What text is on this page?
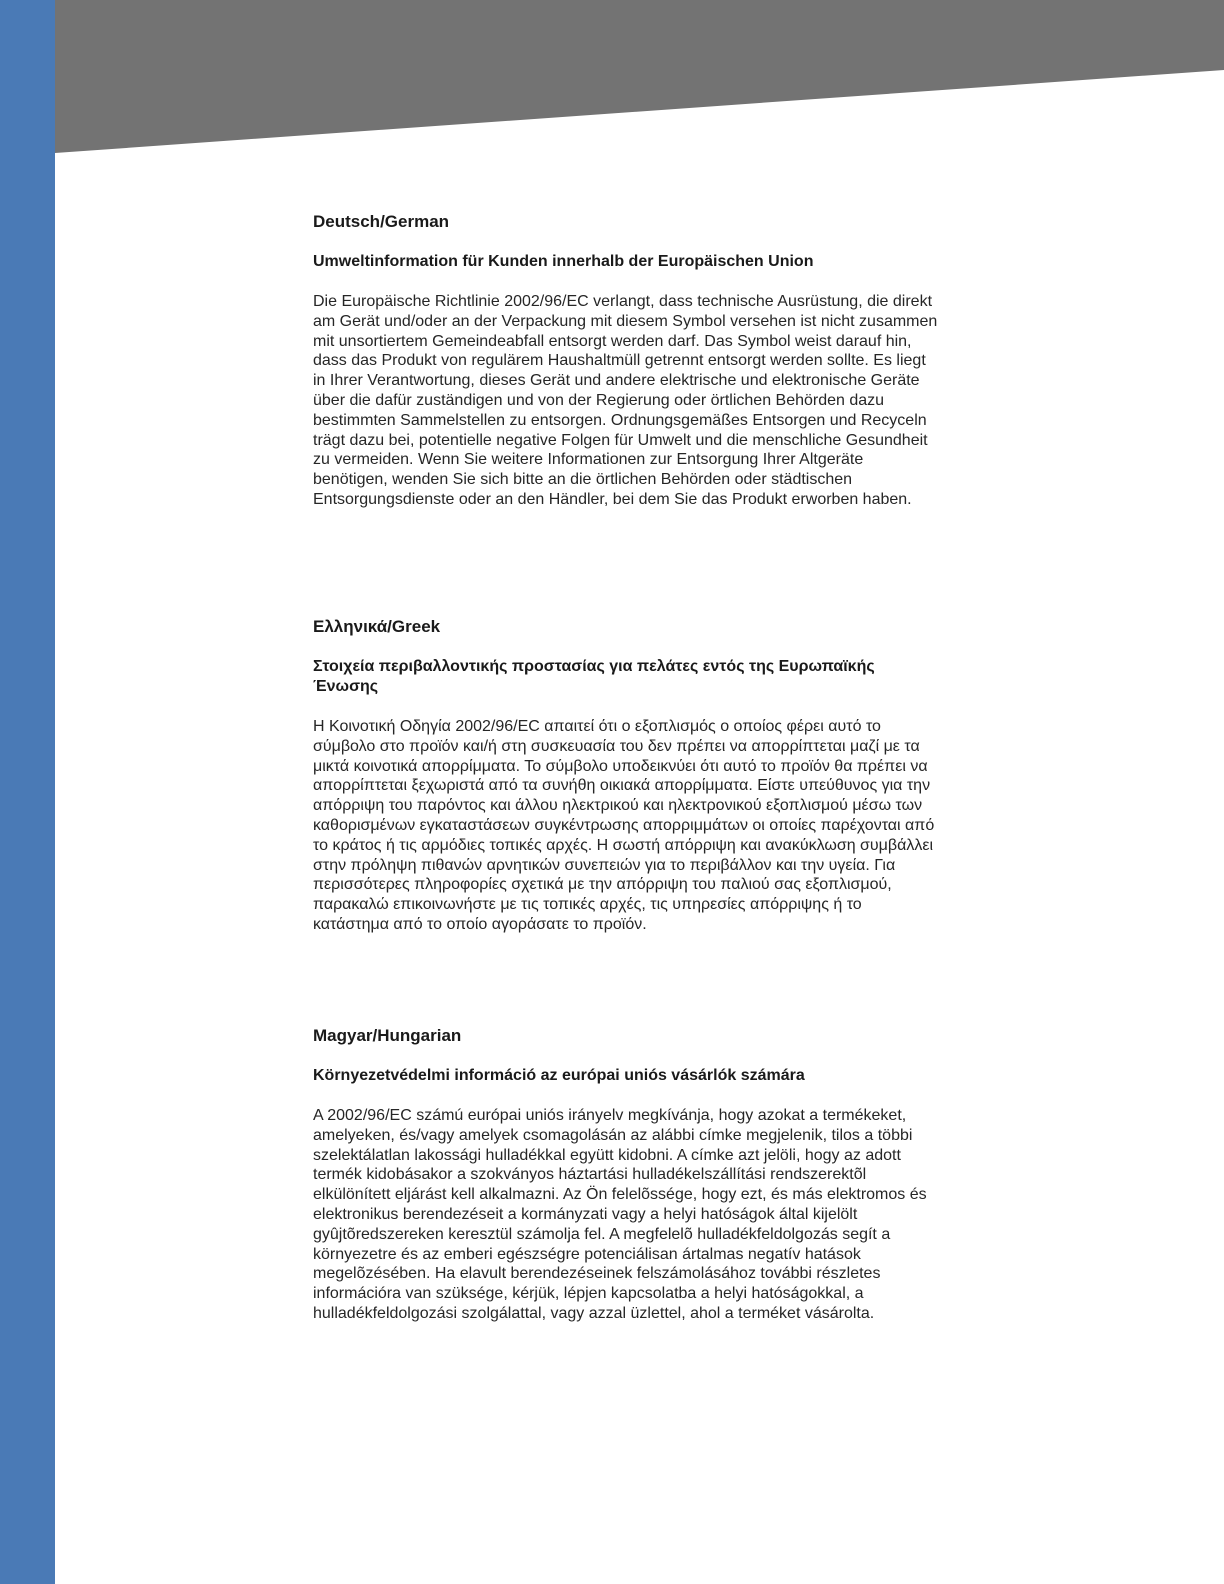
Deutsch/German
Umweltinformation für Kunden innerhalb der Europäischen Union

Die Europäische Richtlinie 2002/96/EC verlangt, dass technische Ausrüstung, die direkt am Gerät und/oder an der Verpackung mit diesem Symbol versehen ist nicht zusammen mit unsortiertem Gemeindeabfall entsorgt werden darf. Das Symbol weist darauf hin, dass das Produkt von regulärem Haushaltmüll getrennt entsorgt werden sollte. Es liegt in Ihrer Verantwortung, dieses Gerät und andere elektrische und elektronische Geräte über die dafür zuständigen und von der Regierung oder örtlichen Behörden dazu bestimmten Sammelstellen zu entsorgen. Ordnungsgemäßes Entsorgen und Recyceln trägt dazu bei, potentielle negative Folgen für Umwelt und die menschliche Gesundheit zu vermeiden. Wenn Sie weitere Informationen zur Entsorgung Ihrer Altgeräte benötigen, wenden Sie sich bitte an die örtlichen Behörden oder städtischen Entsorgungsdienste oder an den Händler, bei dem Sie das Produkt erworben haben.

Ελληνικά/Greek
Στοιχεία περιβαλλοντικής προστασίας για πελάτες εντός της Ευρωπαϊκής Ένωσης

Η Κοινοτική Οδηγία 2002/96/EC απαιτεί ότι ο εξοπλισμός ο οποίος φέρει αυτό το σύμβολο στο προϊόν και/ή στη συσκευασία του δεν πρέπει να απορρίπτεται μαζί με τα μικτά κοινοτικά απορρίμματα. Το σύμβολο υποδεικνύει ότι αυτό το προϊόν θα πρέπει να απορρίπτεται ξεχωριστά από τα συνήθη οικιακά απορρίμματα. Είστε υπεύθυνος για την απόρριψη του παρόντος και άλλου ηλεκτρικού και ηλεκτρονικού εξοπλισμού μέσω των καθορισμένων εγκαταστάσεων συγκέντρωσης απορριμμάτων οι οποίες παρέχονται από το κράτος ή τις αρμόδιες τοπικές αρχές. Η σωστή απόρριψη και ανακύκλωση συμβάλλει στην πρόληψη πιθανών αρνητικών συνεπειών για το περιβάλλον και την υγεία. Για περισσότερες πληροφορίες σχετικά με την απόρριψη του παλιού σας εξοπλισμού, παρακαλώ επικοινωνήστε με τις τοπικές αρχές, τις υπηρεσίες απόρριψης ή το κατάστημα από το οποίο αγοράσατε το προϊόν.

Magyar/Hungarian
Környezetvédelmi információ az európai uniós vásárlók számára

A 2002/96/EC számú európai uniós irányelv megkívánja, hogy azokat a termékeket, amelyeken, és/vagy amelyek csomagolásán az alábbi címke megjelenik, tilos a többi szelektálatlan lakossági hulladékkal együtt kidobni. A címke azt jelöli, hogy az adott termék kidobásakor a szokványos háztartási hulladékelszállítási rendszerektõl elkülönített eljárást kell alkalmazni. Az Ön felelõssége, hogy ezt, és más elektromos és elektronikus berendezéseit a kormányzati vagy a helyi hatóságok által kijelölt gyûjtõredszereken keresztül számolja fel. A megfelelõ hulladékfeldolgozás segít a környezetre és az emberi egészségre potenciálisan ártalmas negatív hatások megelõzésében. Ha elavult berendezéseinek felszámolásához további részletes információra van szüksége, kérjük, lépjen kapcsolatba a helyi hatóságokkal, a hulladékfeldolgozási szolgálattal, vagy azzal üzlettel, ahol a terméket vásárolta.
